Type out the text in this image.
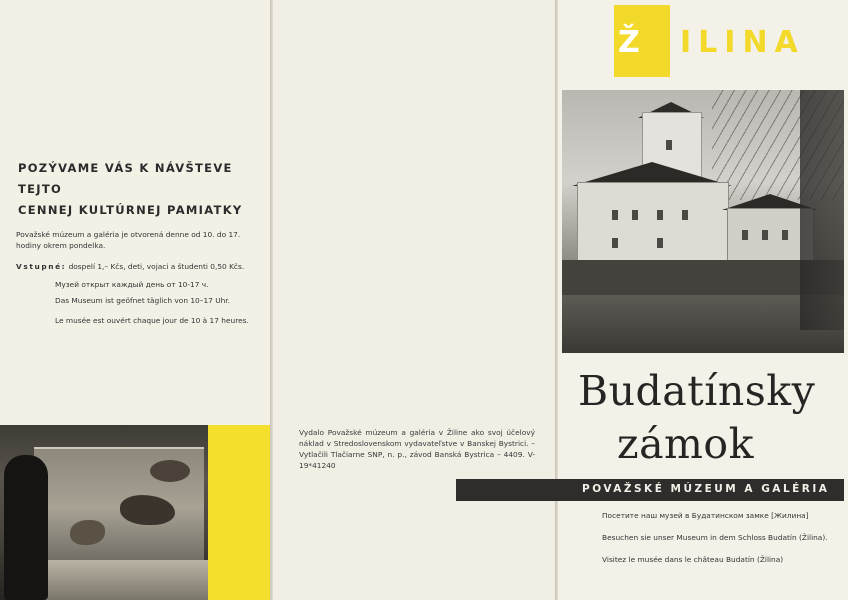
POZÝVAME VÁS K NÁVŠTEVE TEJTO
CENNEJ KULTÚRNEJ PAMIATKY
Považské múzeum a galéria je otvorená denne od 10. do 17. hodiny okrem pondelka.
Vstupné: dospelí 1,– Kčs, deti, vojaci a študenti 0,50 Kčs.
Музей открыт каждый день от 10-17 ч.
Das Museum ist geöfnet täglich von 10–17 Uhr.
Le musée est ouvért chaque jour de 10 à 17 heures.
Vydalo Považské múzeum a galéria v Žiline ako svoj účelový náklad v Stredoslovenskom vydavateľstve v Banskej Bystrici. – Vytlačili Tlačiarne SNP, n. p., závod Banská Bystrica – 4409. V-19*41240
Ž ILINA
Budatínsky
zámok
POVAŽSKÉ MÚZEUM A GALÉRIA
Посетите наш музей в Будатинском замке [Жилина]
Besuchen sie unser Museum in dem Schloss Budatín (Žilina).
Visitez le musée dans le château Budatín (Žilina)
